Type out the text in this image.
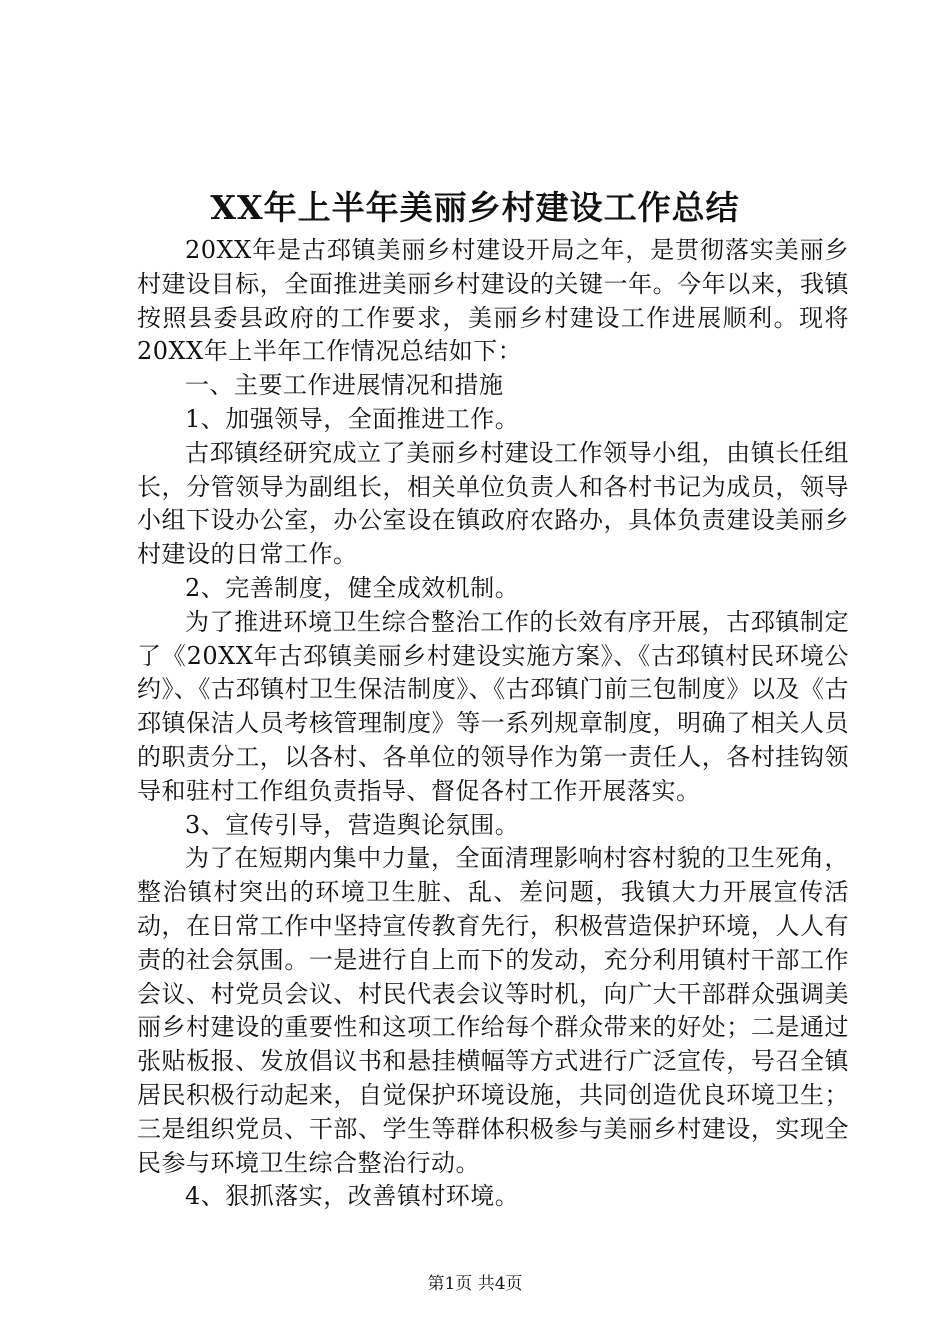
XX年上半年美丽乡村建设工作总结

20XX年是古邳镇美丽乡村建设开局之年，是贯彻落实美丽乡村建设目标，全面推进美丽乡村建设的关键一年。今年以来，我镇按照县委县政府的工作要求，美丽乡村建设工作进展顺利。现将20XX年上半年工作情况总结如下：

一、主要工作进展情况和措施

1、加强领导，全面推进工作。

古邳镇经研究成立了美丽乡村建设工作领导小组，由镇长任组长，分管领导为副组长，相关单位负责人和各村书记为成员，领导小组下设办公室，办公室设在镇政府农路办，具体负责建设美丽乡村建设的日常工作。

2、完善制度，健全成效机制。

为了推进环境卫生综合整治工作的长效有序开展，古邳镇制定了《20XX年古邳镇美丽乡村建设实施方案》、《古邳镇村民环境公约》、《古邳镇村卫生保洁制度》、《古邳镇门前三包制度》以及《古邳镇保洁人员考核管理制度》等一系列规章制度，明确了相关人员的职责分工，以各村、各单位的领导作为第一责任人，各村挂钩领导和驻村工作组负责指导、督促各村工作开展落实。

3、宣传引导，营造舆论氛围。

为了在短期内集中力量，全面清理影响村容村貌的卫生死角，整治镇村突出的环境卫生脏、乱、差问题，我镇大力开展宣传活动，在日常工作中坚持宣传教育先行，积极营造保护环境，人人有责的社会氛围。一是进行自上而下的发动，充分利用镇村干部工作会议、村党员会议、村民代表会议等时机，向广大干部群众强调美丽乡村建设的重要性和这项工作给每个群众带来的好处；二是通过张贴板报、发放倡议书和悬挂横幅等方式进行广泛宣传，号召全镇居民积极行动起来，自觉保护环境设施，共同创造优良环境卫生；三是组织党员、干部、学生等群体积极参与美丽乡村建设，实现全民参与环境卫生综合整治行动。

4、狠抓落实，改善镇村环境。

第1页 共4页
